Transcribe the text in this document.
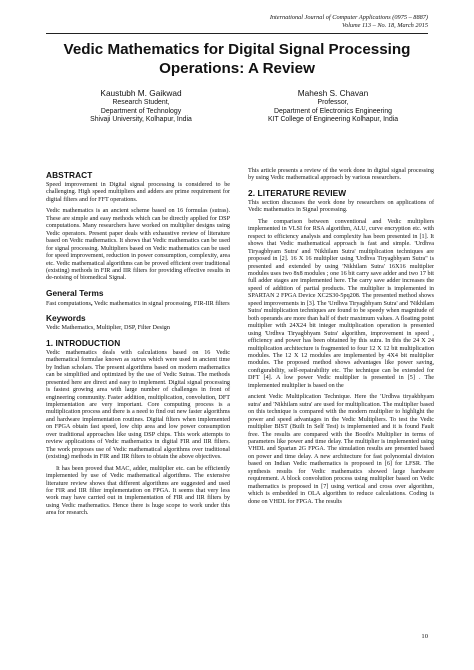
International Journal of Computer Applications (0975 – 8887)
Volume 113 – No. 18, March 2015
Vedic Mathematics for Digital Signal Processing
Operations: A Review
Kaustubh M. Gaikwad
Research Student,
Department of Technology
Shivaji University, Kolhapur, India
Mahesh S. Chavan
Professor,
Department of Electronics Engineering
KIT College of Engineering Kolhapur, India
ABSTRACT

Speed improvement in Digital signal processing is considered to be challenging. High speed multipliers and adders are prime requirement for digital filters and for FFT operations.

Vedic mathematics is an ancient scheme based on 16 formulas (sutras). These are simple and easy methods which can be directly applied for DSP computations. Many researchers have worked on multiplier designs using Vedic operators. Present paper deals with exhaustive review of literature based on Vedic mathematics. It shows that Vedic mathematics can be used for signal processing. Multipliers based on Vedic mathematics can be used for speed improvement, reduction in power consumption, complexity, area etc. Vedic mathematical algorithms can be proved efficient over traditional (existing) methods in FIR and IIR filters for providing effective results in de-noising of biomedical Signal.

General Terms

Fast computations, Vedic mathematics in signal processing, FIR-IIR filters

Keywords

Vedic Mathematics, Multiplier, DSP, Filter Design

1. INTRODUCTION

Vedic mathematics deals with calculations based on 16 Vedic mathematical formulae known as sutras which were used in ancient time by Indian scholars. The present algorithms based on modern mathematics can be simplified and optimized by the use of Vedic Sutras. The methods presented here are direct and easy to implement. Digital signal processing is fastest growing area with large number of challenges in front of engineering community. Faster addition, multiplication, convolution, DFT implementation are very important. Core computing process is a multiplication process and there is a need to find out new faster algorithms and hardware implementation routines. Digital filters when implemented on FPGA obtain fast speed, low chip area and low power consumption over traditional approaches like using DSP chips. This work attempts to review applications of Vedic mathematics in digital FIR and IIR filters. The work proposes use of Vedic mathematical algorithms over traditional (existing) methods in FIR and IIR filters to obtain the above objectives.

It has been proved that MAC, adder, multiplier etc. can be efficiently implemented by use of Vedic mathematical algorithms. The extensive literature review shows that different algorithms are suggested and used for FIR and IIR filter implementation on FPGA. It seems that very less work may have carried out in implementation of FIR and IIR filters by using Vedic mathematics. Hence there is huge scope to work under this area for research.

This article presents a review of the work done in digital signal processing by using Vedic mathematical approach by various researchers.

2. LITERATURE REVIEW

This section discusses the work done by researchers on applications of Vedic mathematics in Signal processing.

The comparison between conventional and Vedic multipliers implemented in VLSI for RSA algorithm, ALU, curve encryption etc. with respect to efficiency analysis and complexity has been presented in [1]. It shows that Vedic mathematical approach is fast and simple. 'Urdhva Tiryagbhyam Sutra' and 'Nikhilam Sutra' multiplication techniques are proposed in [2]. 16 X 16 multiplier using 'Urdhva Tiryagbhyam Sutra" is presented and extended by using 'Nikhilam Sutra' 16X16 multiplier modules uses two 8x8 modules ; one 16 bit carry save adder and two 17 bit full adder stages are implemented here. The carry save adder increases the speed of addition of partial products. The multiplier is implemented in SPARTAN 2 FPGA Device XC2S30-5pq208. The presented method shows speed improvements in [3]. The 'Urdhva Tiryagbhyam Sutra' and 'Nikhilam Sutra' multiplication techniques are found to be speedy when magnitude of both operands are more than half of their maximum values. A floating point multiplier with 24X24 bit integer multiplication operation is presented using 'Urdhva Tiryagbhyam Sutra' algorithm, improvement in speed , efficiency and power has been obtained by this sutra. In this the 24 X 24 multiplication architecture is fragmented to four 12 X 12 bit multiplication modules. The 12 X 12 modules are implemented by 4X4 bit multiplier modules. The proposed method shows advantages like power saving, configurability, self-repairability etc. The technique can be extended for DFT [4]. A low power Vedic multiplier is presented in [5] . The implemented multiplier is based on the

ancient Vedic Multiplication Technique. Here the 'Urdhva tiryakbhyam sutra' and 'Nikhilam sutra' are used for multiplication. The multiplier based on this technique is compared with the modern multiplier to highlight the power and speed advantages in the Vedic Multipliers. To test the Vedic multiplier BIST (Built In Self Test) is implemented and it is found Fault free. The results are compared with the Booth's Multiplier in terms of parameters like power and time delay. The multiplier is implemented using VHDL and Spartan 2G FPGA. The simulation results are presented based on power and time delay. A new architecture for fast polynomial division based on Indian Vedic mathematics is proposed in [6] for LFSR. The synthesis results for Vedic mathematics showed large hardware requirement. A block convolution process using multiplier based on Vedic mathematics is proposed in [7] using vertical and cross over algorithm, which is embedded in OLA algorithm to reduce calculations. Coding is done on VHDL for FPGA. The results

10
